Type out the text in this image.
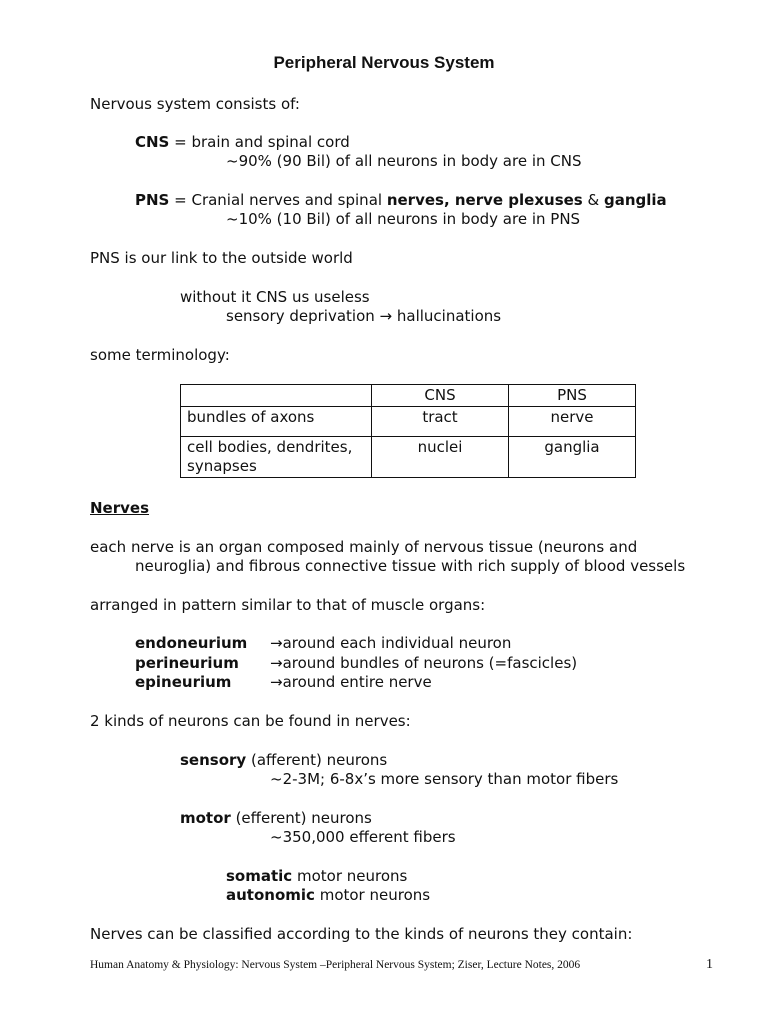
Peripheral Nervous System
Nervous system consists of:
CNS = brain and spinal cord
~90% (90 Bil) of all neurons in body are in CNS
PNS = Cranial nerves and spinal nerves, nerve plexuses & ganglia
~10% (10 Bil) of all neurons in body are in PNS
PNS is our link to the outside world
without it CNS us useless
sensory deprivation → hallucinations
some terminology:
	CNS	PNS
bundles of axons	tract	nerve
cell bodies, dendrites, synapses	nuclei	ganglia
Nerves
each nerve is an organ composed mainly of nervous tissue (neurons and
neuroglia) and fibrous connective tissue with rich supply of blood vessels
arranged in pattern similar to that of muscle organs:
endoneurium →around each individual neuron
perineurium →around bundles of neurons (=fascicles)
epineurium	→around entire nerve
2 kinds of neurons can be found in nerves:
sensory (afferent) neurons
~2-3M; 6-8x’s more sensory than motor fibers
motor (efferent) neurons
~350,000 efferent fibers
somatic motor neurons
autonomic motor neurons
Nerves can be classified according to the kinds of neurons they contain:
Human Anatomy & Physiology: Nervous System –Peripheral Nervous System; Ziser, Lecture Notes, 2006	1
